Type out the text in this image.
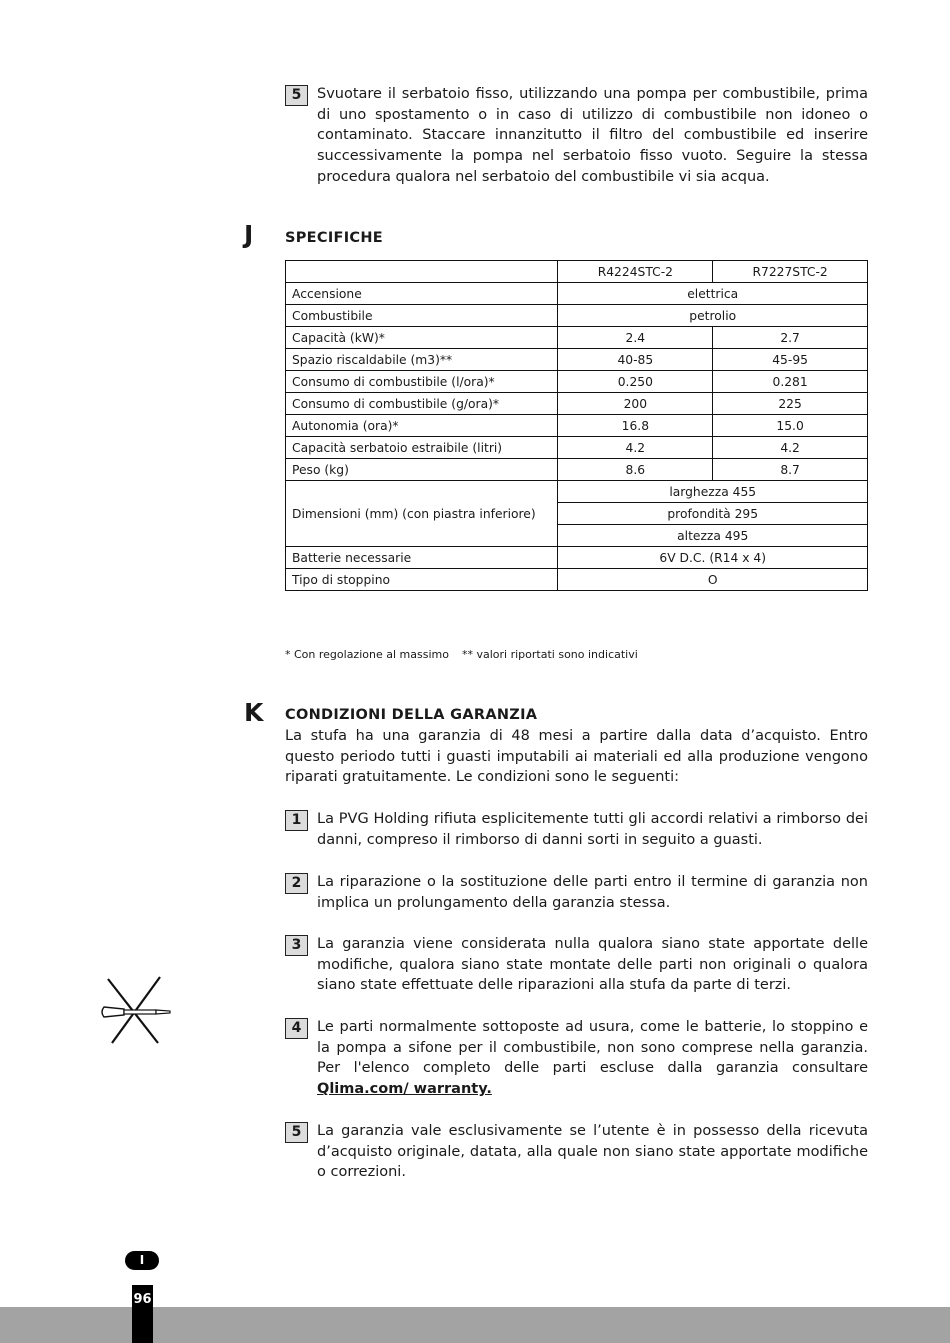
5	Svuotare il serbatoio fisso, utilizzando una pompa per combustibile, prima di uno spostamento o in caso di utilizzo di combustibile non idoneo o contaminato. Staccare innanzitutto il filtro del combustibile ed inserire successivamente la pompa nel serbatoio fisso vuoto. Seguire la stessa procedura qualora nel serbatoio del combustibile vi sia acqua.
J SPECIFICHE
	R4224STC-2	R7227STC-2
Accensione	elettrica	
Combustibile	petrolio	
Capacità (kW)*	2.4	2.7
Spazio riscaldabile (m3)**	40-85	45-95
Consumo di combustibile (l/ora)*	0.250	0.281
Consumo di combustibile (g/ora)*	200	225
Autonomia (ora)*	16.8	15.0
Capacità serbatoio estraibile (litri)	4.2	4.2
Peso (kg)	8.6	8.7
Dimensioni (mm) (con piastra inferiore)	larghezza 455	
	profondità 295	
	altezza 495	
Batterie necessarie	6V D.C. (R14 x 4)	
Tipo di stoppino	O	
* Con regolazione al massimo ** valori riportati sono indicativi
K CONDIZIONI DELLA GARANZIA
La stufa ha una garanzia di 48 mesi a partire dalla data d’acquisto. Entro questo periodo tutti i guasti imputabili ai materiali ed alla produzione vengono riparati gratuitamente. Le condizioni sono le seguenti:
1	La PVG Holding rifiuta esplicitemente tutti gli accordi relativi a rimborso dei danni, compreso il rimborso di danni sorti in seguito a guasti.
2	La riparazione o la sostituzione delle parti entro il termine di garanzia non implica un prolungamento della garanzia stessa.
3	La garanzia viene considerata nulla qualora siano state apportate delle modifiche, qualora siano state montate delle parti non originali o qualora siano state effettuate delle riparazioni alla stufa da parte di terzi.
4	Le parti normalmente sottoposte ad usura, come le batterie, lo stoppino e la pompa a sifone per il combustibile, non sono comprese nella garanzia. Per l'elenco completo delle parti escluse dalla garanzia consultare Qlima.com/ warranty.
5	La garanzia vale esclusivamente se l’utente è in possesso della ricevuta d’acquisto originale, datata, alla quale non siano state apportate modifiche o correzioni.
96
I
